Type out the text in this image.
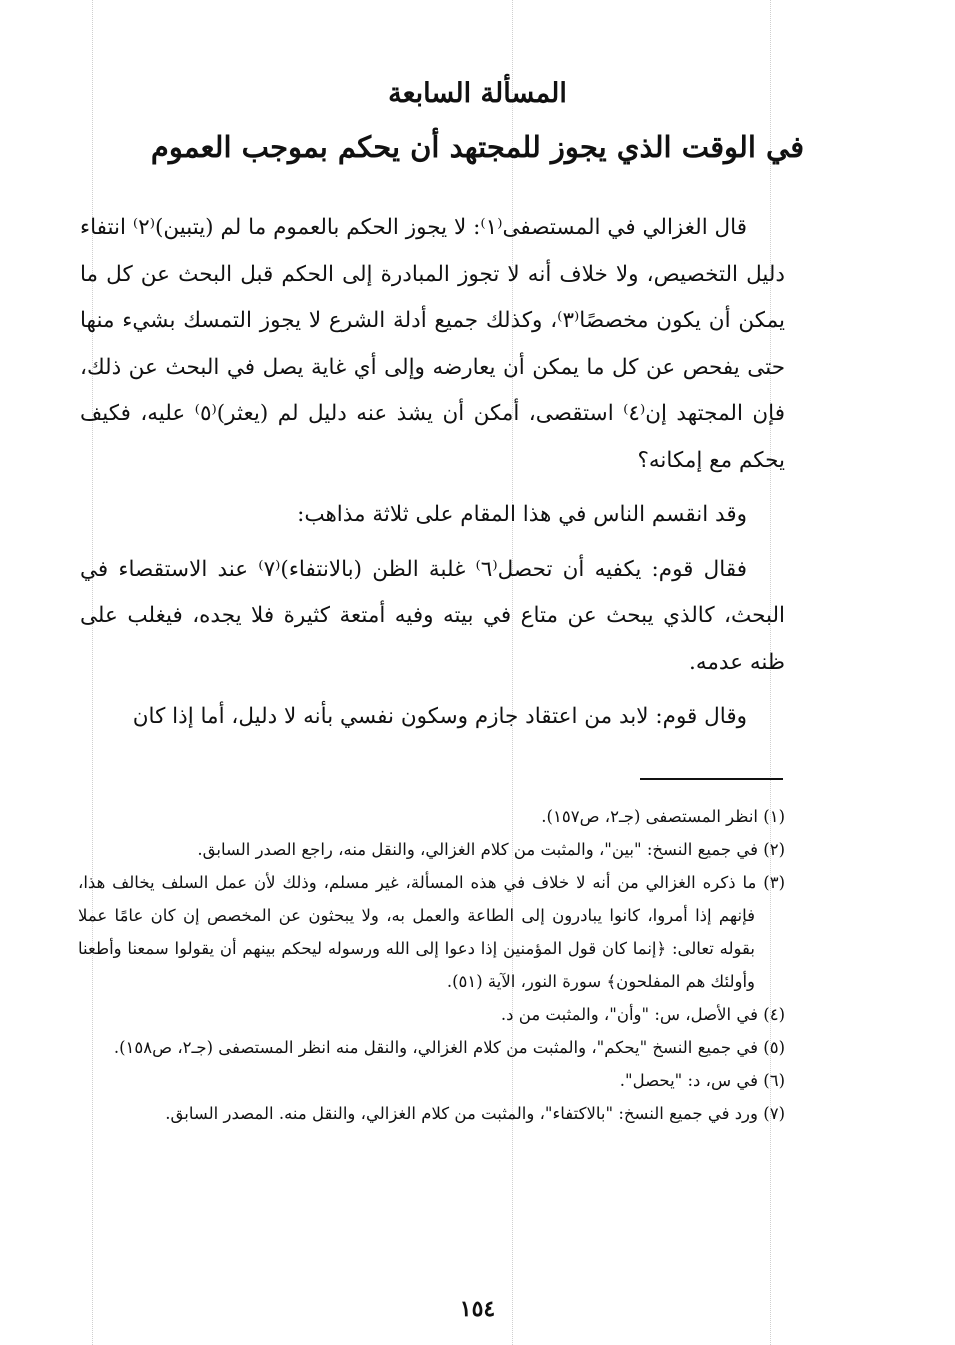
المسألة السابعة
في الوقت الذي يجوز للمجتهد أن يحكم بموجب العموم

قال الغزالي في المستصفى⁽١⁾: لا يجوز الحكم بالعموم ما لم (يتبين)⁽٢⁾ انتفاء دليل التخصيص، ولا خلاف أنه لا تجوز المبادرة إلى الحكم قبل البحث عن كل ما يمكن أن يكون مخصصًا⁽٣⁾، وكذلك جميع أدلة الشرع لا يجوز التمسك بشيء منها حتى يفحص عن كل ما يمكن أن يعارضه وإلى أي غاية يصل في البحث عن ذلك، فإن المجتهد إن⁽٤⁾ استقصى، أمكن أن يشذ عنه دليل لم (يعثر)⁽٥⁾ عليه، فكيف يحكم مع إمكانه؟

وقد انقسم الناس في هذا المقام على ثلاثة مذاهب:

فقال قوم: يكفيه أن تحصل⁽٦⁾ غلبة الظن (بالانتفاء)⁽٧⁾ عند الاستقصاء في البحث، كالذي يبحث عن متاع في بيته وفيه أمتعة كثيرة فلا يجده، فيغلب على ظنه عدمه.

وقال قوم: لابد من اعتقاد جازم وسكون نفسي بأنه لا دليل، أما إذا كان

(١) انظر المستصفى (جـ٢، ص١٥٧).

(٢) في جميع النسخ: "بين"، والمثبت من كلام الغزالي، والنقل منه، راجع الصدر السابق.

(٣) ما ذكره الغزالي من أنه لا خلاف في هذه المسألة، غير مسلم، وذلك لأن عمل السلف يخالف هذا، فإنهم إذا أمروا، كانوا يبادرون إلى الطاعة والعمل به، ولا يبحثون عن المخصص إن كان عامًا عملا بقوله تعالى: ﴿إنما كان قول المؤمنين إذا دعوا إلى الله ورسوله ليحكم بينهم أن يقولوا سمعنا وأطعنا وأولئك هم المفلحون﴾ سورة النور، الآية (٥١).

(٤) في الأصل، س: "وأن"، والمثبت من د.

(٥) في جميع النسخ "يحكم"، والمثبت من كلام الغزالي، والنقل منه انظر المستصفى (جـ٢، ص١٥٨).

(٦) في س، د: "يحصل".

(٧) ورد في جميع النسخ: "بالاكتفاء"، والمثبت من كلام الغزالي، والنقل منه. المصدر السابق.

١٥٤
